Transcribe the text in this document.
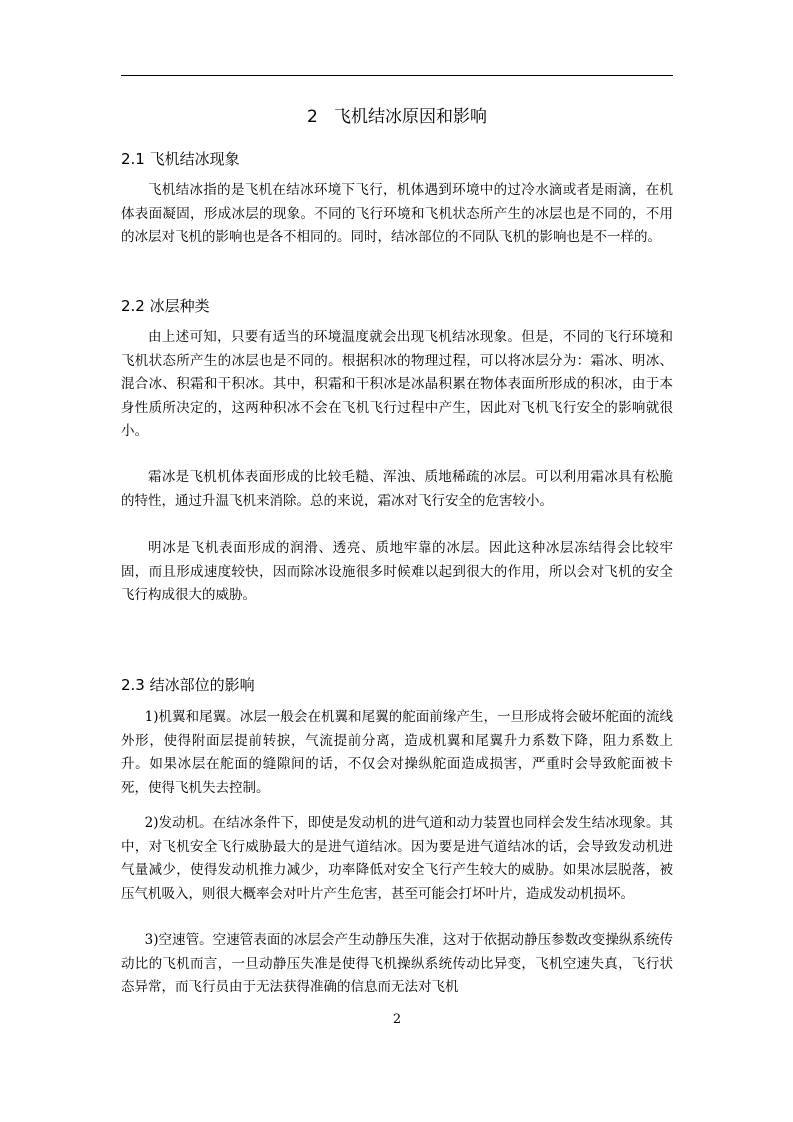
2   飞机结冰原因和影响
2.1 飞机结冰现象

飞机结冰指的是飞机在结冰环境下飞行，机体遇到环境中的过冷水滴或者是雨滴，在机体表面凝固，形成冰层的现象。不同的飞行环境和飞机状态所产生的冰层也是不同的，不用的冰层对飞机的影响也是各不相同的。同时，结冰部位的不同队飞机的影响也是不一样的。

2.2 冰层种类

由上述可知，只要有适当的环境温度就会出现飞机结冰现象。但是，不同的飞行环境和飞机状态所产生的冰层也是不同的。根据积冰的物理过程，可以将冰层分为：霜冰、明冰、混合冰、积霜和干积冰。其中，积霜和干积冰是冰晶积累在物体表面所形成的积冰，由于本身性质所决定的，这两种积冰不会在飞机飞行过程中产生，因此对飞机飞行安全的影响就很小。

霜冰是飞机机体表面形成的比较毛糙、浑浊、质地稀疏的冰层。可以利用霜冰具有松脆的特性，通过升温飞机来消除。总的来说，霜冰对飞行安全的危害较小。

明冰是飞机表面形成的润滑、透亮、质地牢靠的冰层。因此这种冰层冻结得会比较牢固，而且形成速度较快，因而除冰设施很多时候难以起到很大的作用，所以会对飞机的安全飞行构成很大的威胁。

2.3 结冰部位的影响

1)机翼和尾翼。冰层一般会在机翼和尾翼的舵面前缘产生，一旦形成将会破坏舵面的流线外形，使得附面层提前转捩，气流提前分离，造成机翼和尾翼升力系数下降，阻力系数上升。如果冰层在舵面的缝隙间的话，不仅会对操纵舵面造成损害，严重时会导致舵面被卡死，使得飞机失去控制。

2)发动机。在结冰条件下，即使是发动机的进气道和动力装置也同样会发生结冰现象。其中，对飞机安全飞行威胁最大的是进气道结冰。因为要是进气道结冰的话，会导致发动机进气量减少，使得发动机推力减少，功率降低对安全飞行产生较大的威胁。如果冰层脱落，被压气机吸入，则很大概率会对叶片产生危害，甚至可能会打坏叶片，造成发动机损坏。

3)空速管。空速管表面的冰层会产生动静压失准，这对于依据动静压参数改变操纵系统传动比的飞机而言，一旦动静压失准是使得飞机操纵系统传动比异变，飞机空速失真，飞行状态异常，而飞行员由于无法获得准确的信息而无法对飞机

2
